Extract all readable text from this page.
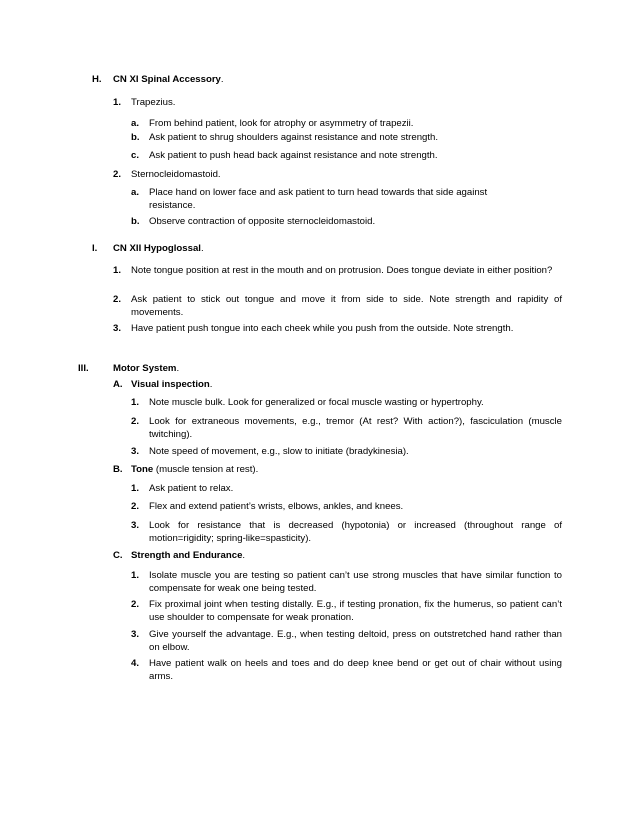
H. CN XI Spinal Accessory.
1. Trapezius.
a. From behind patient, look for atrophy or asymmetry of trapezii.
b. Ask patient to shrug shoulders against resistance and note strength.
c. Ask patient to push head back against resistance and note strength.
2. Sternocleidomastoid.
a. Place hand on lower face and ask patient to turn head towards that side against resistance.
b. Observe contraction of opposite sternocleidomastoid.
I. CN XII Hypoglossal.
1. Note tongue position at rest in the mouth and on protrusion. Does tongue deviate in either position?
2. Ask patient to stick out tongue and move it from side to side. Note strength and rapidity of movements.
3. Have patient push tongue into each cheek while you push from the outside. Note strength.
III.	Motor System.
A. Visual inspection.
1. Note muscle bulk. Look for generalized or focal muscle wasting or hypertrophy.
2. Look for extraneous movements, e.g., tremor (At rest? With action?), fasciculation (muscle twitching).
3. Note speed of movement, e.g., slow to initiate (bradykinesia).
B. Tone (muscle tension at rest).
1. Ask patient to relax.
2. Flex and extend patient’s wrists, elbows, ankles, and knees.
3. Look for resistance that is decreased (hypotonia) or increased (throughout range of motion=rigidity; spring-like=spasticity).
C. Strength and Endurance.
1. Isolate muscle you are testing so patient can’t use strong muscles that have similar function to compensate for weak one being tested.
2. Fix proximal joint when testing distally. E.g., if testing pronation, fix the humerus, so patient can’t use shoulder to compensate for weak pronation.
3. Give yourself the advantage. E.g., when testing deltoid, press on outstretched hand rather than on elbow.
4. Have patient walk on heels and toes and do deep knee bend or get out of chair without using arms.
